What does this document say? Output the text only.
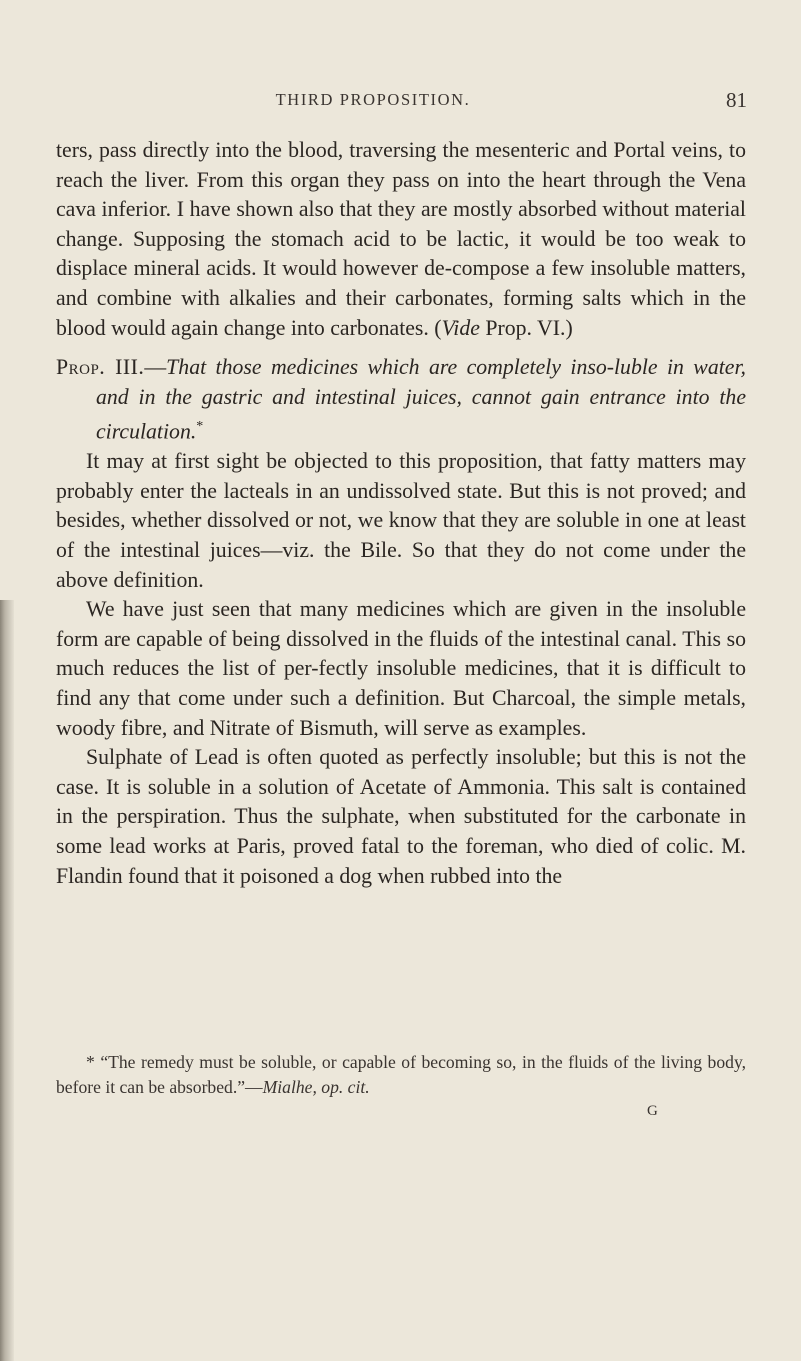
THIRD PROPOSITION.	81

ters, pass directly into the blood, traversing the mesenteric and Portal veins, to reach the liver. From this organ they pass on into the heart through the Vena cava inferior. I have shown also that they are mostly absorbed without material change. Supposing the stomach acid to be lactic, it would be too weak to displace mineral acids. It would however de-compose a few insoluble matters, and combine with alkalies and their carbonates, forming salts which in the blood would again change into carbonates. (Vide Prop. VI.)

Prop. III.—That those medicines which are completely inso-luble in water, and in the gastric and intestinal juices, cannot gain entrance into the circulation.*

It may at first sight be objected to this proposition, that fatty matters may probably enter the lacteals in an undissolved state. But this is not proved; and besides, whether dissolved or not, we know that they are soluble in one at least of the intestinal juices—viz. the Bile. So that they do not come under the above definition.

We have just seen that many medicines which are given in the insoluble form are capable of being dissolved in the fluids of the intestinal canal. This so much reduces the list of per-fectly insoluble medicines, that it is difficult to find any that come under such a definition. But Charcoal, the simple metals, woody fibre, and Nitrate of Bismuth, will serve as examples.

Sulphate of Lead is often quoted as perfectly insoluble; but this is not the case. It is soluble in a solution of Acetate of Ammonia. This salt is contained in the perspiration. Thus the sulphate, when substituted for the carbonate in some lead works at Paris, proved fatal to the foreman, who died of colic. M. Flandin found that it poisoned a dog when rubbed into the

* “The remedy must be soluble, or capable of becoming so, in the fluids of the living body, before it can be absorbed.”—Mialhe, op. cit.
G
